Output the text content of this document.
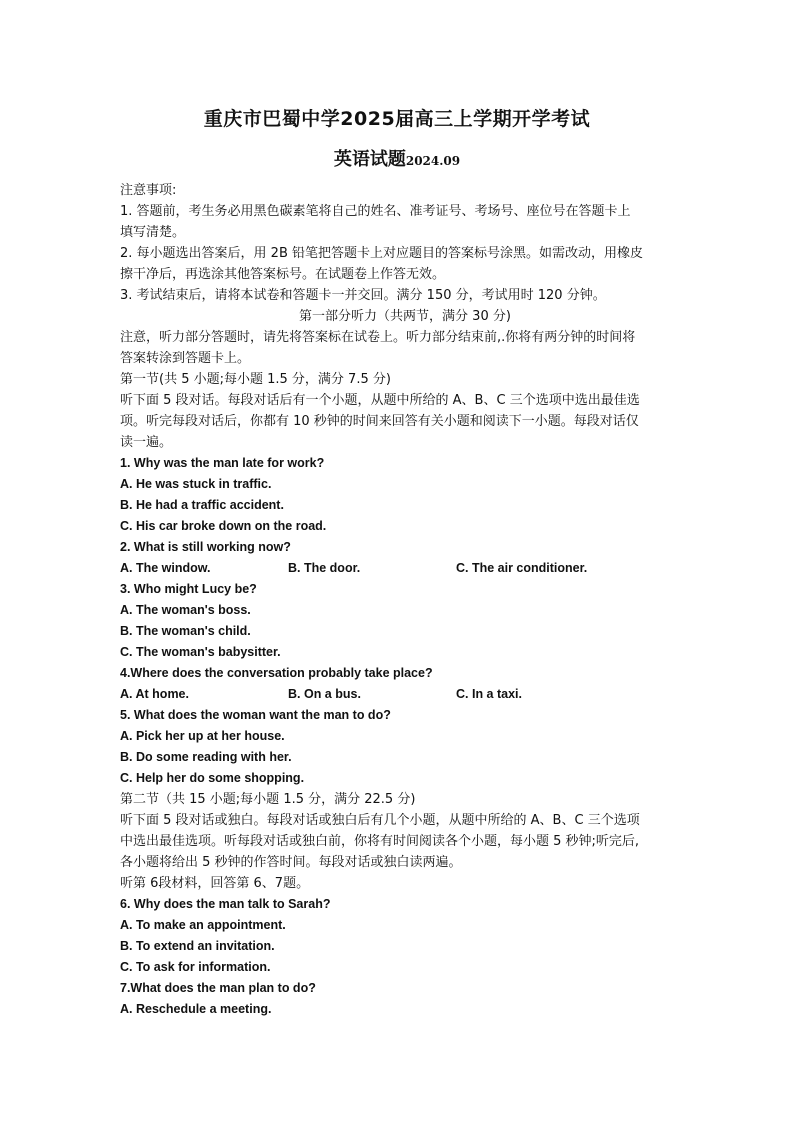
重庆市巴蜀中学2025届高三上学期开学考试
英语试题2024.09
注意事项:
1. 答题前，考生务必用黑色碳素笔将自己的姓名、准考证号、考场号、座位号在答题卡上
填写清楚。
2. 每小题选出答案后，用 2B 铅笔把答题卡上对应题目的答案标号涂黑。如需改动，用橡皮
擦干净后，再选涂其他答案标号。在试题卷上作答无效。
3. 考试结束后，请将本试卷和答题卡一并交回。满分 150 分，考试用时 120 分钟。
第一部分听力（共两节，满分 30 分)
注意，听力部分答题时，请先将答案标在试卷上。听力部分结束前,.你将有两分钟的时间将
答案转涂到答题卡上。
第一节(共 5 小题;每小题 1.5 分，满分 7.5 分)
听下面 5 段对话。每段对话后有一个小题，从题中所给的 A、B、C 三个选项中选出最佳选
项。听完每段对话后，你都有 10 秒钟的时间来回答有关小题和阅读下一小题。每段对话仅
读一遍。
1. Why was the man late for work?
A. He was stuck in traffic.
B. He had a traffic accident.
C. His car broke down on the road.
2. What is still working now?
A. The window.	B. The door.	C. The air conditioner.
3. Who might Lucy be?
A. The woman's boss.
B. The woman's child.
C. The woman's babysitter.
4.Where does the conversation probably take place?
A. At home.	B. On a bus.	C. In a taxi.
5. What does the woman want the man to do?
A. Pick her up at her house.
B. Do some reading with her.
C. Help her do some shopping.
第二节（共 15 小题;每小题 1.5 分，满分 22.5 分)
听下面 5 段对话或独白。每段对话或独白后有几个小题，从题中所给的 A、B、C 三个选项
中选出最佳选项。听每段对话或独白前，你将有时间阅读各个小题，每小题 5 秒钟;听完后,
各小题将给出 5 秒钟的作答时间。每段对话或独白读两遍。
听第 6段材料，回答第 6、7题。
6. Why does the man talk to Sarah?
A. To make an appointment.
B. To extend an invitation.
C. To ask for information.
7.What does the man plan to do?
A. Reschedule a meeting.
